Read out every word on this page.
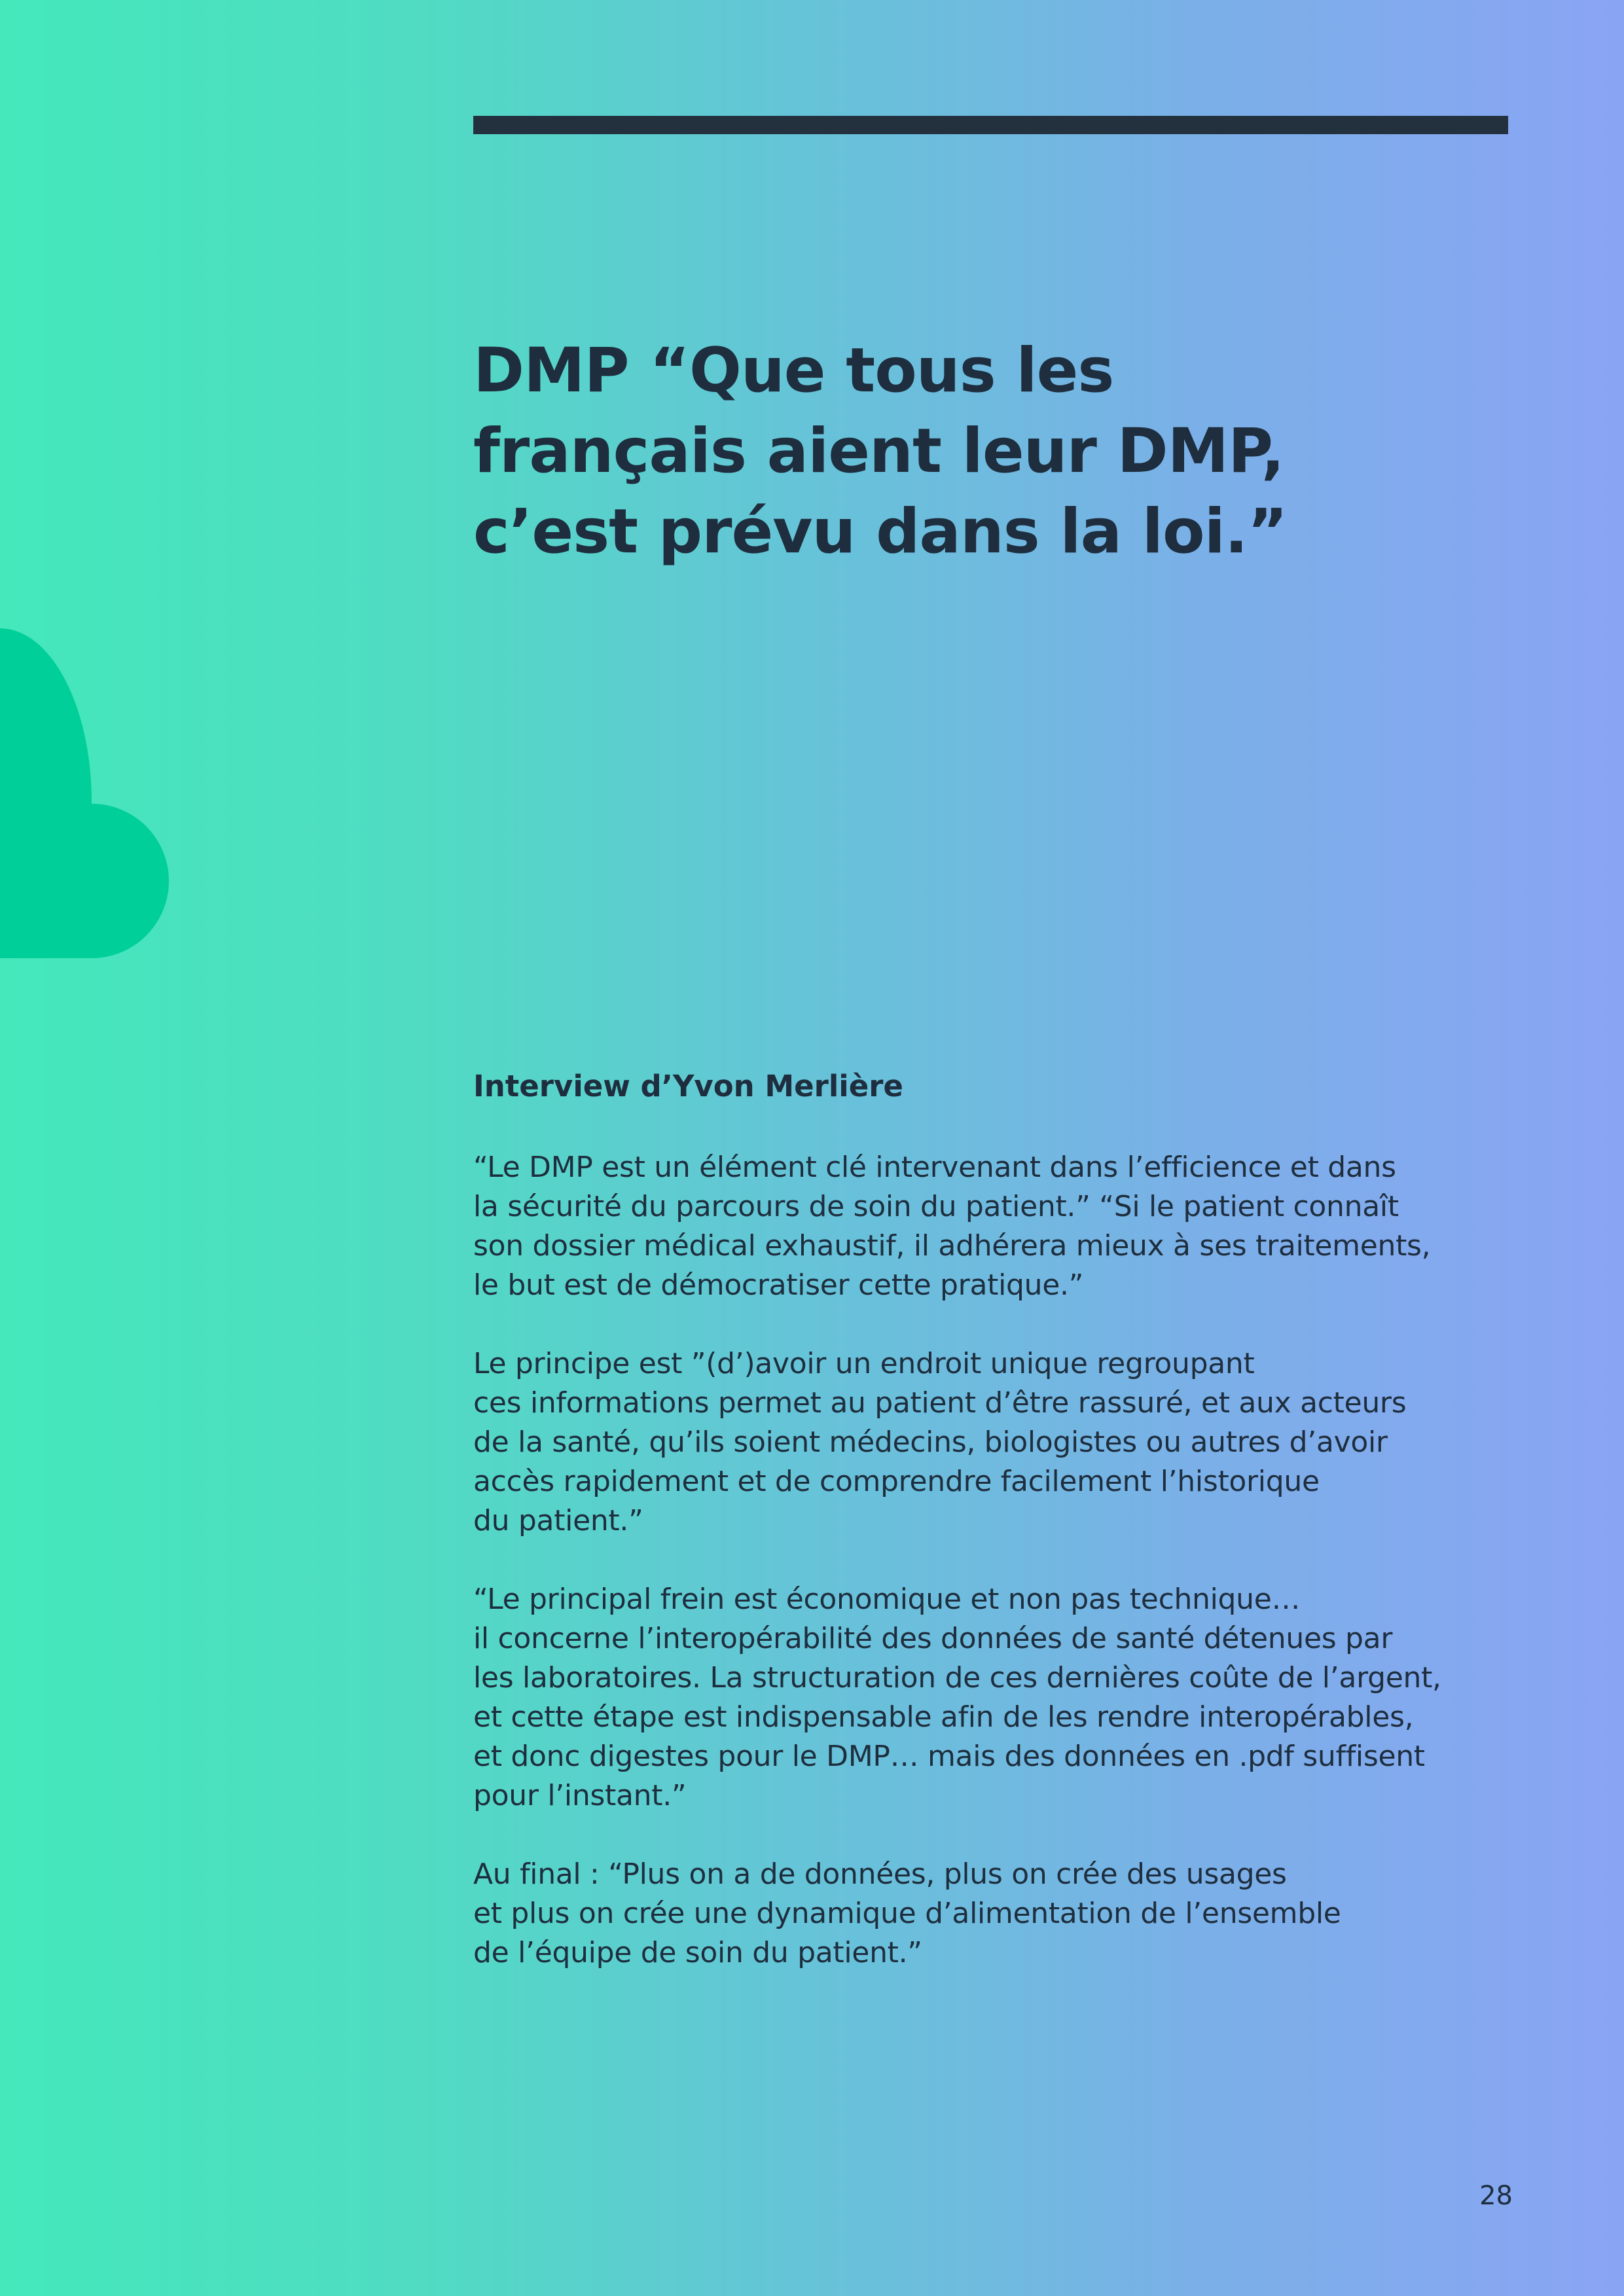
DMP “Que tous les
français aient leur DMP,
c’est prévu dans la loi.”

Interview d’Yvon Merlière

“Le DMP est un élément clé intervenant dans l’efficience et dans
la sécurité du parcours de soin du patient.” “Si le patient connaît
son dossier médical exhaustif, il adhérera mieux à ses traitements,
le but est de démocratiser cette pratique.”

Le principe est ”(d’)avoir un endroit unique regroupant
ces informations permet au patient d’être rassuré, et aux acteurs
de la santé, qu’ils soient médecins, biologistes ou autres d’avoir
accès rapidement et de comprendre facilement l’historique
du patient.”

“Le principal frein est économique et non pas technique…
il concerne l’interopérabilité des données de santé détenues par
les laboratoires. La structuration de ces dernières coûte de l’argent,
et cette étape est indispensable afin de les rendre interopérables,
et donc digestes pour le DMP… mais des données en .pdf suffisent
pour l’instant.”

Au final : “Plus on a de données, plus on crée des usages
et plus on crée une dynamique d’alimentation de l’ensemble
de l’équipe de soin du patient.”

28
